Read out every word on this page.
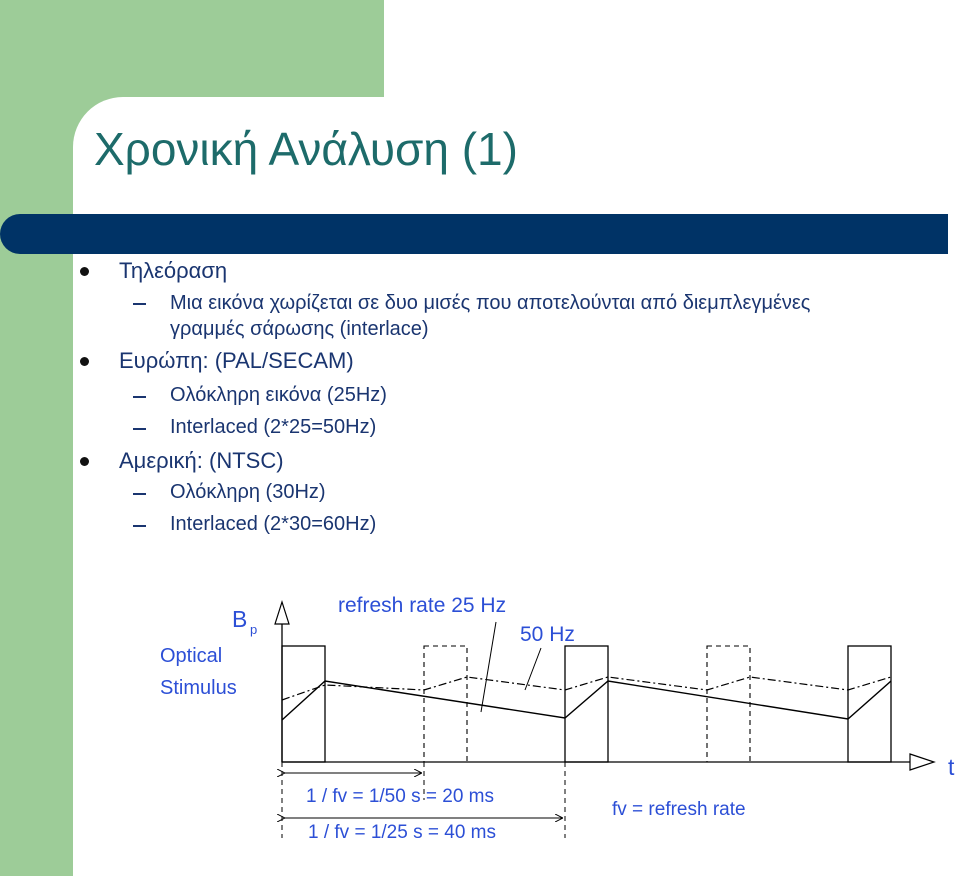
Χρονική Ανάλυση (1)
Τηλεόραση
Μια εικόνα χωρίζεται σε δυο μισές που αποτελούνται από διεμπλεγμένες
γραμμές σάρωσης (interlace)
Ευρώπη: (PAL/SECAM)
Ολόκληρη εικόνα (25Hz)
Interlaced (2*25=50Hz)
Αμερική: (NTSC)
Ολόκληρη (30Hz)
Interlaced (2*30=60Hz)
B p
t
Optical
Stimulus
refresh rate 25 Hz
50 Hz
1 / fv = 1/50 s = 20 ms
1 / fv = 1/25 s = 40 ms
fv = refresh rate
